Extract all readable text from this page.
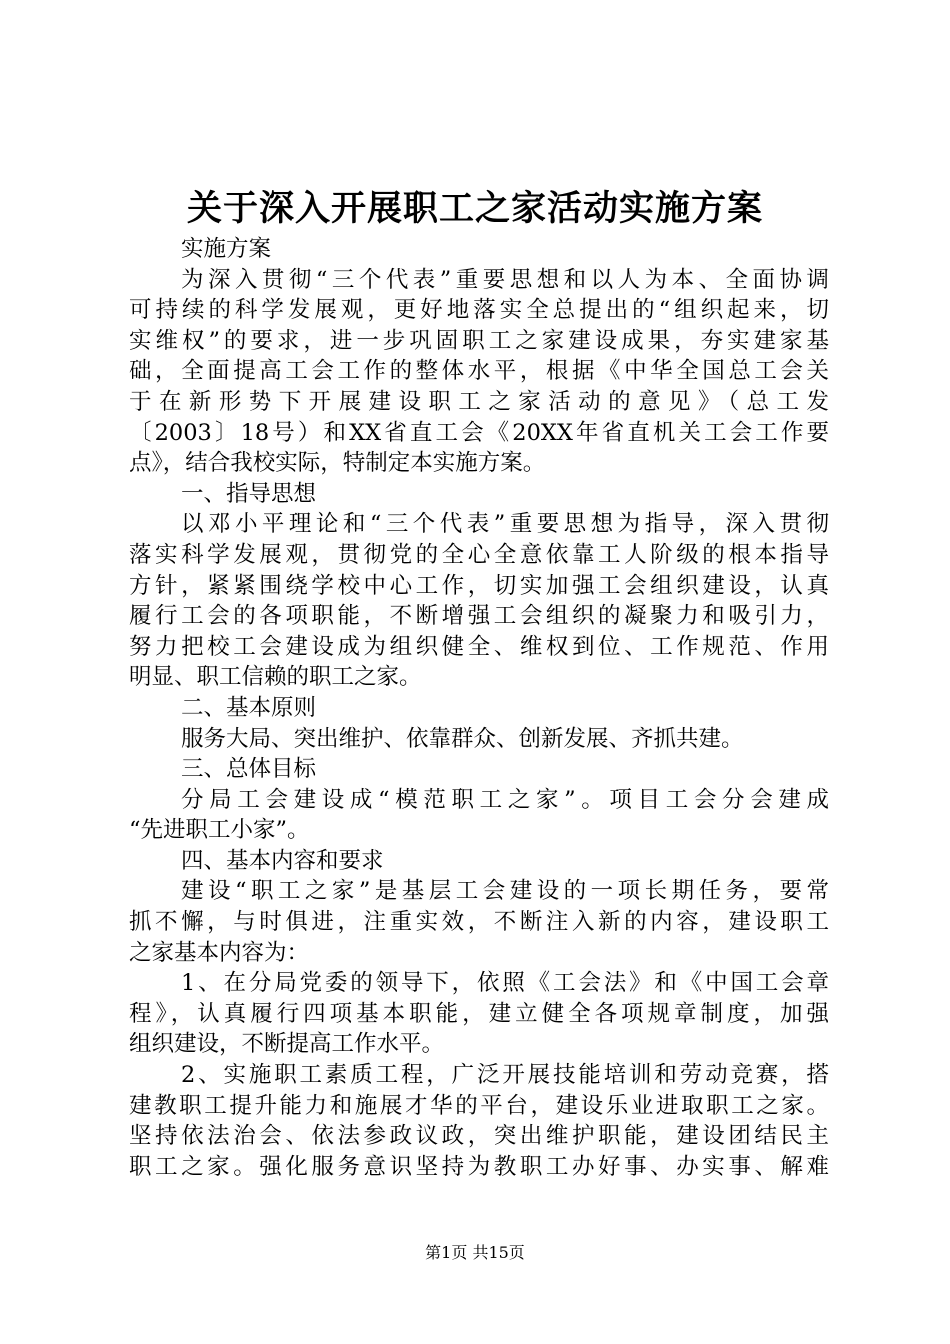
关于深入开展职工之家活动实施方案
实施方案
为深入贯彻“三个代表”重要思想和以人为本、全面协调
可持续的科学发展观，更好地落实全总提出的“组织起来，切
实维权”的要求，进一步巩固职工之家建设成果，夯实建家基
础，全面提高工会工作的整体水平，根据《中华全国总工会关
于在新形势下开展建设职工之家活动的意见》（总工发
〔2003〕18号）和XX省直工会《20XX年省直机关工会工作要
点》，结合我校实际，特制定本实施方案。
一、指导思想
以邓小平理论和“三个代表”重要思想为指导，深入贯彻
落实科学发展观，贯彻党的全心全意依靠工人阶级的根本指导
方针，紧紧围绕学校中心工作，切实加强工会组织建设，认真
履行工会的各项职能，不断增强工会组织的凝聚力和吸引力，
努力把校工会建设成为组织健全、维权到位、工作规范、作用
明显、职工信赖的职工之家。
二、基本原则
服务大局、突出维护、依靠群众、创新发展、齐抓共建。
三、总体目标
分局工会建设成“模范职工之家”。项目工会分会建成
“先进职工小家”。
四、基本内容和要求
建设“职工之家”是基层工会建设的一项长期任务，要常
抓不懈，与时俱进，注重实效，不断注入新的内容，建设职工
之家基本内容为：
1、在分局党委的领导下，依照《工会法》和《中国工会章
程》，认真履行四项基本职能，建立健全各项规章制度，加强
组织建设，不断提高工作水平。
2、实施职工素质工程，广泛开展技能培训和劳动竞赛，搭
建教职工提升能力和施展才华的平台，建设乐业进取职工之家。
坚持依法治会、依法参政议政，突出维护职能，建设团结民主
职工之家。强化服务意识坚持为教职工办好事、办实事、解难
第1页 共15页
